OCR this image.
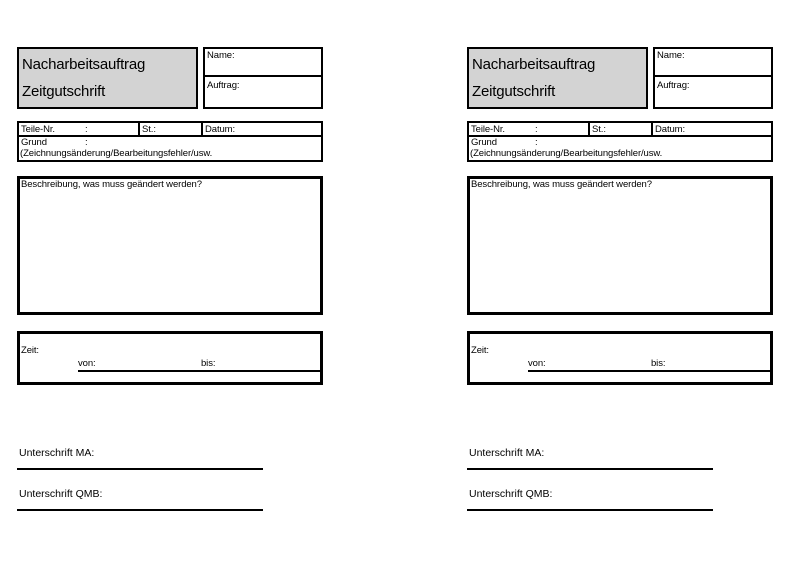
Nacharbeitsauftrag
Zeitgutschrift
Name:
Auftrag:
Teile-Nr.	:	St.:	Datum:
Grund	:
(Zeichnungsänderung/Bearbeitungsfehler/usw.
Beschreibung, was muss geändert werden?
Zeit:
von:	bis:
Unterschrift MA:
Unterschrift QMB:
Nacharbeitsauftrag
Zeitgutschrift
Name:
Auftrag:
Teile-Nr.	:	St.:	Datum:
Grund	:
(Zeichnungsänderung/Bearbeitungsfehler/usw.
Beschreibung, was muss geändert werden?
Zeit:
von:	bis:
Unterschrift MA:
Unterschrift QMB:
